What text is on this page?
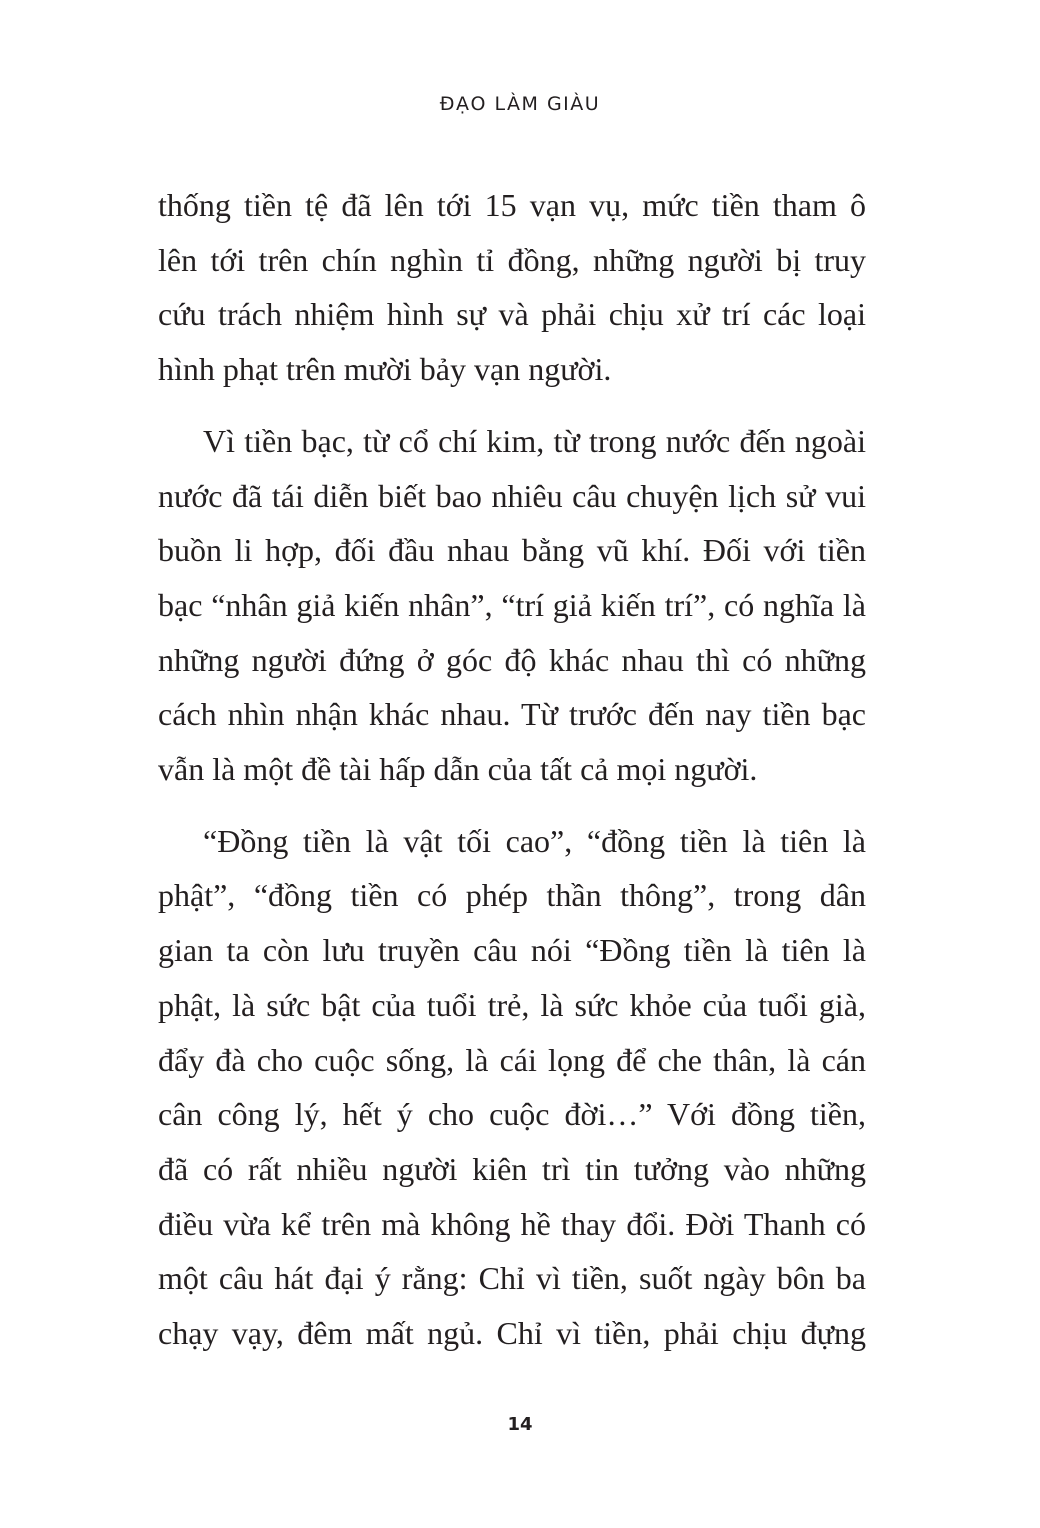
ĐẠO LÀM GIÀU

thống tiền tệ đã lên tới 15 vạn vụ, mức tiền tham ô
lên tới trên chín nghìn tỉ đồng, những người bị truy
cứu trách nhiệm hình sự và phải chịu xử trí các loại
hình phạt trên mười bảy vạn người.

Vì tiền bạc, từ cổ chí kim, từ trong nước đến ngoài
nước đã tái diễn biết bao nhiêu câu chuyện lịch sử vui
buồn li hợp, đối đầu nhau bằng vũ khí. Đối với tiền
bạc “nhân giả kiến nhân”, “trí giả kiến trí”, có nghĩa là
những người đứng ở góc độ khác nhau thì có những
cách nhìn nhận khác nhau. Từ trước đến nay tiền bạc
vẫn là một đề tài hấp dẫn của tất cả mọi người.

“Đồng tiền là vật tối cao”, “đồng tiền là tiên là
phật”, “đồng tiền có phép thần thông”, trong dân
gian ta còn lưu truyền câu nói “Đồng tiền là tiên là
phật, là sức bật của tuổi trẻ, là sức khỏe của tuổi già,
đẩy đà cho cuộc sống, là cái lọng để che thân, là cán
cân công lý, hết ý cho cuộc đời…” Với đồng tiền,
đã có rất nhiều người kiên trì tin tưởng vào những
điều vừa kể trên mà không hề thay đổi. Đời Thanh có
một câu hát đại ý rằng: Chỉ vì tiền, suốt ngày bôn ba
chạy vạy, đêm mất ngủ. Chỉ vì tiền, phải chịu đựng

14
